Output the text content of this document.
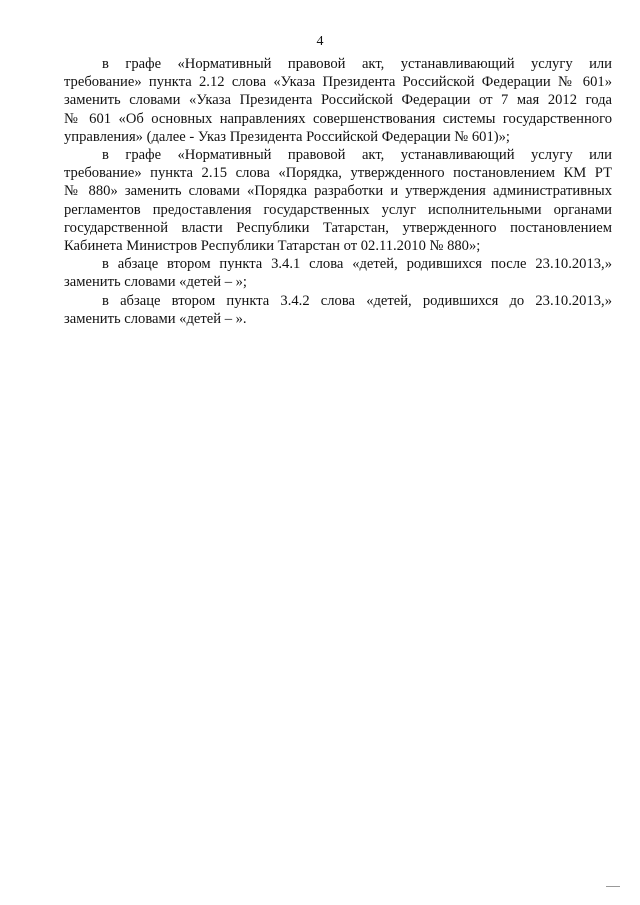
4

в графе «Нормативный правовой акт, устанавливающий услугу или
требование» пункта 2.12 слова «Указа Президента Российской Федерации № 601»
заменить словами «Указа Президента Российской Федерации от 7 мая 2012 года
№ 601 «Об основных направлениях совершенствования системы государственного
управления» (далее - Указ Президента Российской Федерации № 601)»;

в графе «Нормативный правовой акт, устанавливающий услугу или
требование» пункта 2.15 слова «Порядка, утвержденного постановлением КМ РТ
№ 880» заменить словами «Порядка разработки и утверждения административных
регламентов предоставления государственных услуг исполнительными органами
государственной власти Республики Татарстан, утвержденного постановлением
Кабинета Министров Республики Татарстан от 02.11.2010 № 880»;

в абзаце втором пункта 3.4.1 слова «детей, родившихся после 23.10.2013,»
заменить словами «детей – »;

в абзаце втором пункта 3.4.2 слова «детей, родившихся до 23.10.2013,»
заменить словами «детей – ».
